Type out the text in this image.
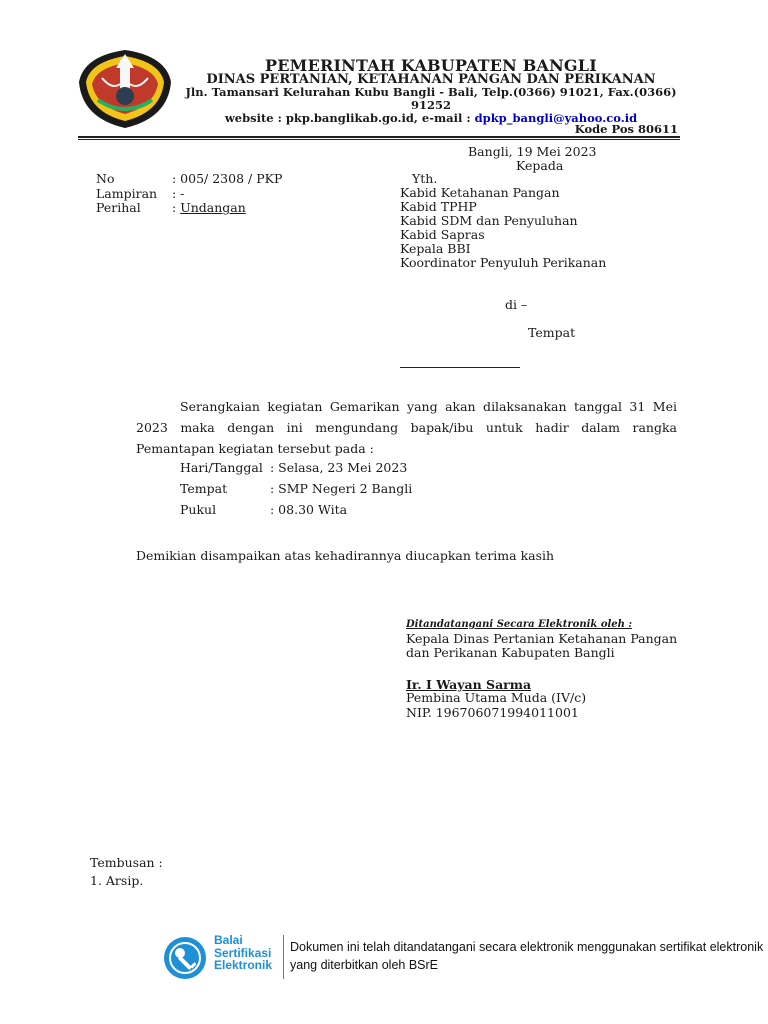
PEMERINTAH KABUPATEN BANGLI
DINAS PERTANIAN, KETAHANAN PANGAN DAN PERIKANAN
Jln. Tamansari Kelurahan Kubu Bangli - Bali, Telp.(0366) 91021, Fax.(0366) 91252
website : pkp.banglikab.go.id, e-mail : dpkp_bangli@yahoo.co.id
Kode Pos 80611
Bangli, 19 Mei 2023
Kepada
No	: 005/ 2308 / PKP
Lampiran : -
Perihal	: Undangan
Yth.
Kabid Ketahanan Pangan
Kabid TPHP
Kabid SDM dan Penyuluhan
Kabid Sapras
Kepala BBI
Koordinator Penyuluh Perikanan
di –
Tempat
Serangkaian kegiatan Gemarikan yang akan dilaksanakan tanggal 31 Mei 2023 maka dengan ini mengundang bapak/ibu untuk hadir dalam rangka Pemantapan kegiatan tersebut pada :
Hari/Tanggal : Selasa, 23 Mei 2023
Tempat	: SMP Negeri 2 Bangli
Pukul	: 08.30 Wita
Demikian disampaikan atas kehadirannya diucapkan terima kasih
Ditandatangani Secara Elektronik oleh :
Kepala Dinas Pertanian Ketahanan Pangan
dan Perikanan Kabupaten Bangli
Ir. I Wayan Sarma
Pembina Utama Muda (IV/c)
NIP. 196706071994011001
Tembusan :
1. Arsip.
Balai
Sertifikasi
Elektronik
Dokumen ini telah ditandatangani secara elektronik menggunakan sertifikat elektronik
yang diterbitkan oleh BSrE
